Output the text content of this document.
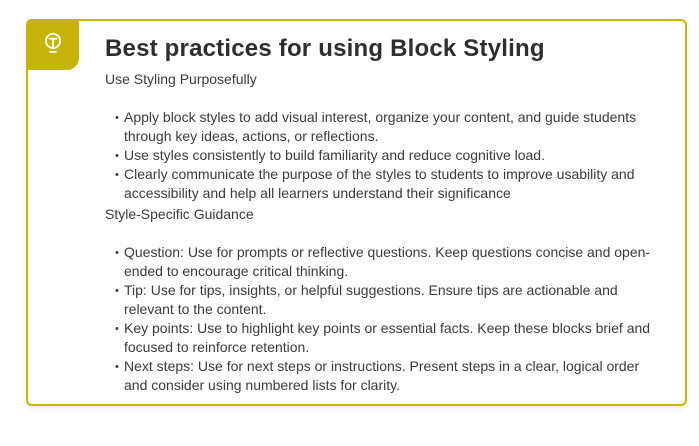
Best practices for using Block Styling
Use Styling Purposefully
• Apply block styles to add visual interest, organize your content, and guide students through key ideas, actions, or reflections.
• Use styles consistently to build familiarity and reduce cognitive load.
• Clearly communicate the purpose of the styles to students to improve usability and accessibility and help all learners understand their significance
Style-Specific Guidance
• Question: Use for prompts or reflective questions. Keep questions concise and open-ended to encourage critical thinking.
• Tip: Use for tips, insights, or helpful suggestions. Ensure tips are actionable and relevant to the content.
• Key points: Use to highlight key points or essential facts. Keep these blocks brief and focused to reinforce retention.
• Next steps: Use for next steps or instructions. Present steps in a clear, logical order and consider using numbered lists for clarity.
